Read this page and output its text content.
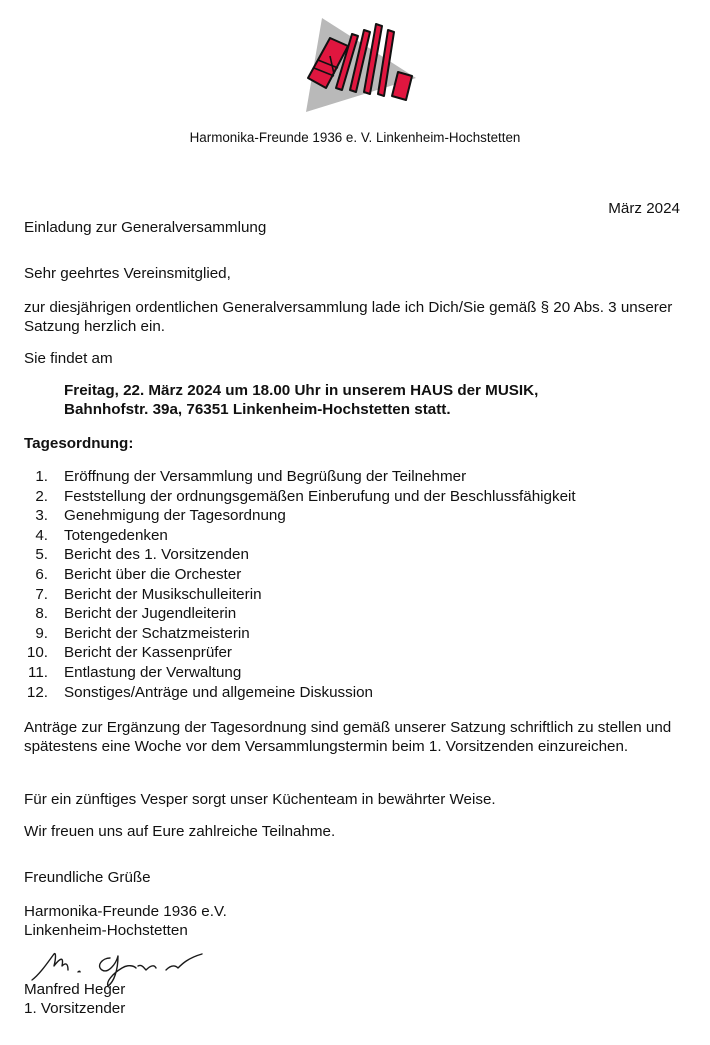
Harmonika-Freunde 1936 e. V. Linkenheim-Hochstetten
März 2024
Einladung zur Generalversammlung
Sehr geehrtes Vereinsmitglied,
zur diesjährigen ordentlichen Generalversammlung lade ich Dich/Sie gemäß § 20 Abs. 3 unserer Satzung herzlich ein.
Sie findet am
Freitag, 22. März 2024 um 18.00 Uhr in unserem HAUS der MUSIK,
Bahnhofstr. 39a, 76351 Linkenheim-Hochstetten statt.
Tagesordnung:
1. Eröffnung der Versammlung und Begrüßung der Teilnehmer
2. Feststellung der ordnungsgemäßen Einberufung und der Beschlussfähigkeit
3. Genehmigung der Tagesordnung
4. Totengedenken
5. Bericht des 1. Vorsitzenden
6. Bericht über die Orchester
7. Bericht der Musikschulleiterin
8. Bericht der Jugendleiterin
9. Bericht der Schatzmeisterin
10. Bericht der Kassenprüfer
11. Entlastung der Verwaltung
12. Sonstiges/Anträge und allgemeine Diskussion
Anträge zur Ergänzung der Tagesordnung sind gemäß unserer Satzung schriftlich zu stellen und spätestens eine Woche vor dem Versammlungstermin beim 1. Vorsitzenden einzureichen.
Für ein zünftiges Vesper sorgt unser Küchenteam in bewährter Weise.
Wir freuen uns auf Eure zahlreiche Teilnahme.
Freundliche Grüße
Harmonika-Freunde 1936 e.V.
Linkenheim-Hochstetten
Manfred Heger
1. Vorsitzender
